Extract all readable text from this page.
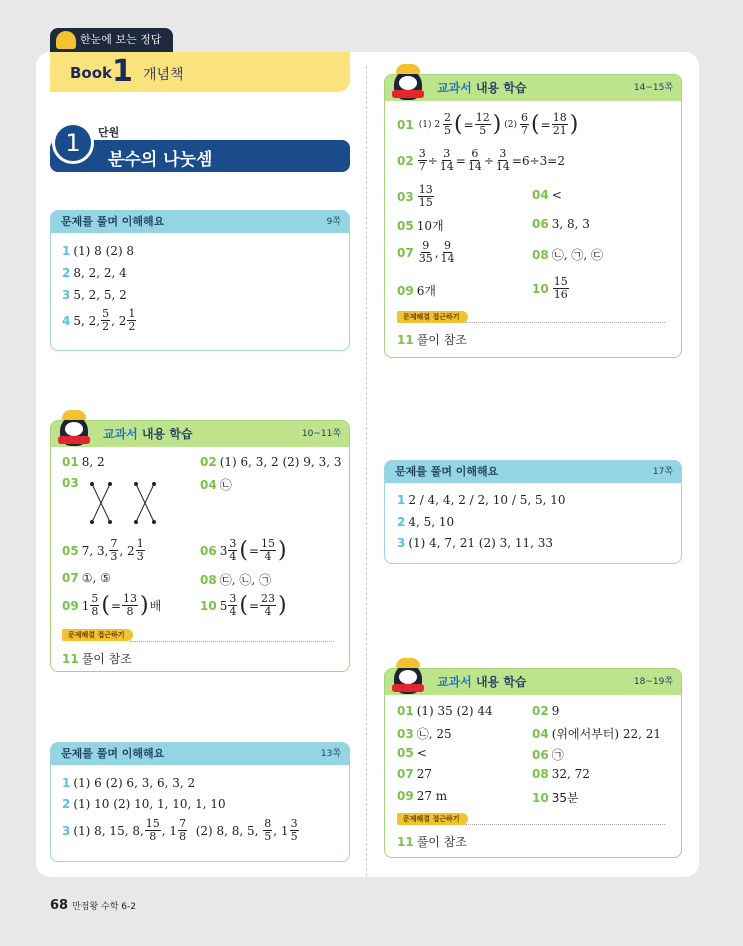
한눈에 보는 정답
Book 1 개념책
1	단원
분수의 나눗셈
문제를 풀며 이해해요	9쪽
1 (1) 8 (2) 8
2 8, 2, 2, 4
3 5, 2, 5, 2
4 5, 2, $\frac{5}{2}$ , $2 \frac{1}{2}$
교과서 내용 학습	10~11쪽
01 8, 2	02 (1) 6, 3, 2 (2) 9, 3, 3
03	04 ㉡
05 7, 3, $\frac{7}{3}$ , $2 \frac{1}{3}$	06 $3 \frac{3}{4}$ ( = $\frac{15}{4}$ )
07 ①, ⑤	08 ㉢, ㉡, ㉠
09 $1 \frac{5}{8}$ ( = $\frac{13}{8}$ ) 배	10 $5 \frac{3}{4}$ ( = $\frac{23}{4}$ )
문제해결 접근하기
11 풀이 참조
문제를 풀며 이해해요	13쪽
1 (1) 6 (2) 6, 3, 6, 3, 2
2 (1) 10 (2) 10, 1, 10, 1, 10
3 (1) 8, 15, 8, $\frac{15}{8}$ , $1 \frac{7}{8} (2)$ 8, 8, 5, $\frac{8}{5}$ , $1 \frac{3}{5}$
교과서 내용 학습	14~15쪽
01 (1) $2 \frac{2}{5}$ ( = $\frac{12}{5}$ ) $(2) \frac{6}{7}$ ( = $\frac{18}{21}$ )
$02 \frac{3}{7} \div \frac{3}{14} = \frac{6}{14} \div \frac{3}{14} =6\div 3=2$
$03 \frac{13}{15}$	04 <
05 10개	06 3, 8, 3
$07 \frac{9}{35}$ , $\frac{9}{14}$	08 ㉡, ㉠, ㉢
09 6개	$10 \frac{15}{16}$
문제해결 접근하기
11 풀이 참조
문제를 풀며 이해해요	17쪽
1 2 / 4, 4, 2 / 2, 10 / 5, 5, 10
2 4, 5, 10
3 (1) 4, 7, 21 (2) 3, 11, 33
교과서 내용 학습	18~19쪽
01 (1) 35 (2) 44	02 9
03 ㉡, 25	04 (위에서부터) 22, 21
05 <	06 ㉠
07 27	08 32, 72
09 27 m	10 35분
문제해결 접근하기
11 풀이 참조
68 만점왕 수학 6-2
